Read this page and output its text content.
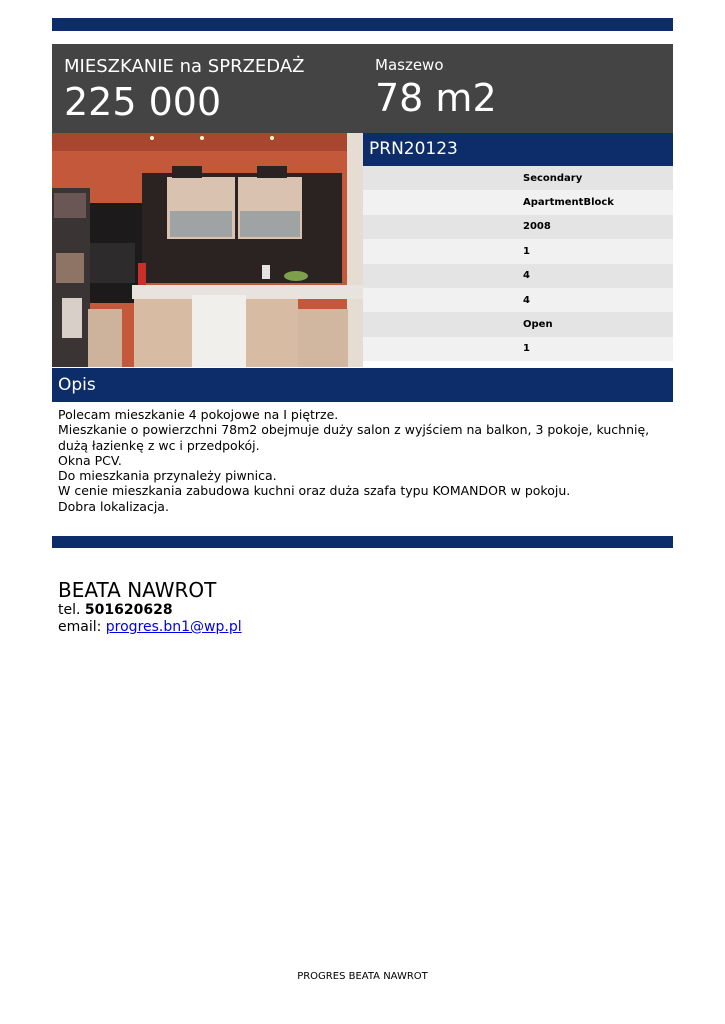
MIESZKANIE na SPRZEDAŻ
225 000
Maszewo
78 m2
PRN20123
Secondary
ApartmentBlock
2008
1
4
4
Open
1
Opis

Polecam mieszkanie 4 pokojowe na I piętrze.

Mieszkanie o powierzchni 78m2 obejmuje duży salon z wyjściem na balkon, 3 pokoje, kuchnię, dużą łazienkę z wc i przedpokój.

Okna PCV.

Do mieszkania przynależy piwnica.

W cenie mieszkania zabudowa kuchni oraz duża szafa typu KOMANDOR w pokoju.

Dobra lokalizacja.

BEATA NAWROT
tel. 501620628
email: progres.bn1@wp.pl
PROGRES BEATA NAWROT
